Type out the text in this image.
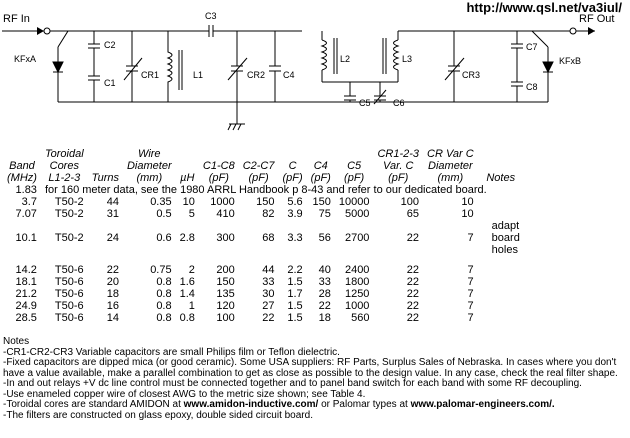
http://www.qsl.net/va3iul/
RF In	RF Out
KFxA	KFxB
C2
C1
CR1	L1
C3
CR2 C4
L2	L3
C5 C6
CR3
C7
C8
	Toroidal		Wire							CR1-2-3	CR Var C	
Band	Cores		Diameter		C1-C8	C2-C7	C	C4	C5	Var. C	Diameter	
(MHz)	L1-2-3	Turns	(mm)	µH	(pF)	(pF)	(pF)	(pF)	(pF)	(pF)	(mm)	Notes
1.83	for 160 meter data, see the 1980 ARRL Handbook p 8-43 and refer to our dedicated board.											
3.7	T50-2	44	0.35	10	1000	150	5.6	150	10000	100	10	
7.07	T50-2	31	0.5	5	410	82	3.9	75	5000	65	10	
10.1	T50-2	24	0.6	2.8	300	68	3.3	56	2700	22	7	adapt
board
holes

14.2	T50-6	22	0.75	2	200	44	2.2	40	2400	22	7	
18.1	T50-6	20	0.8	1.6	150	33	1.5	33	1800	22	7	
21.2	T50-6	18	0.8	1.4	135	30	1.7	28	1250	22	7	
24.9	T50-6	16	0.8	1	120	27	1.5	22	1000	22	7	
28.5	T50-6	14	0.8	0.8	100	22	1.5	18	560	22	7	
Notes
-CR1-CR2-CR3 Variable capacitors are small Philips film or Teflon dielectric.
-Fixed capacitors are dipped mica (or good ceramic). Some USA suppliers: RF Parts, Surplus Sales of Nebraska. In cases where you don't have a value available, make a parallel combination to get as close as possible to the design value. In any case, check the real filter shape.
-In and out relays +V dc line control must be connected together and to panel band switch for each band with some RF decoupling.
-Use enameled copper wire of closest AWG to the metric size shown; see Table 4.
-Toroidal cores are standard AMIDON at www.amidon-inductive.com/ or Palomar types at www.palomar-engineers.com/.
-The filters are constructed on glass epoxy, double sided circuit board.
